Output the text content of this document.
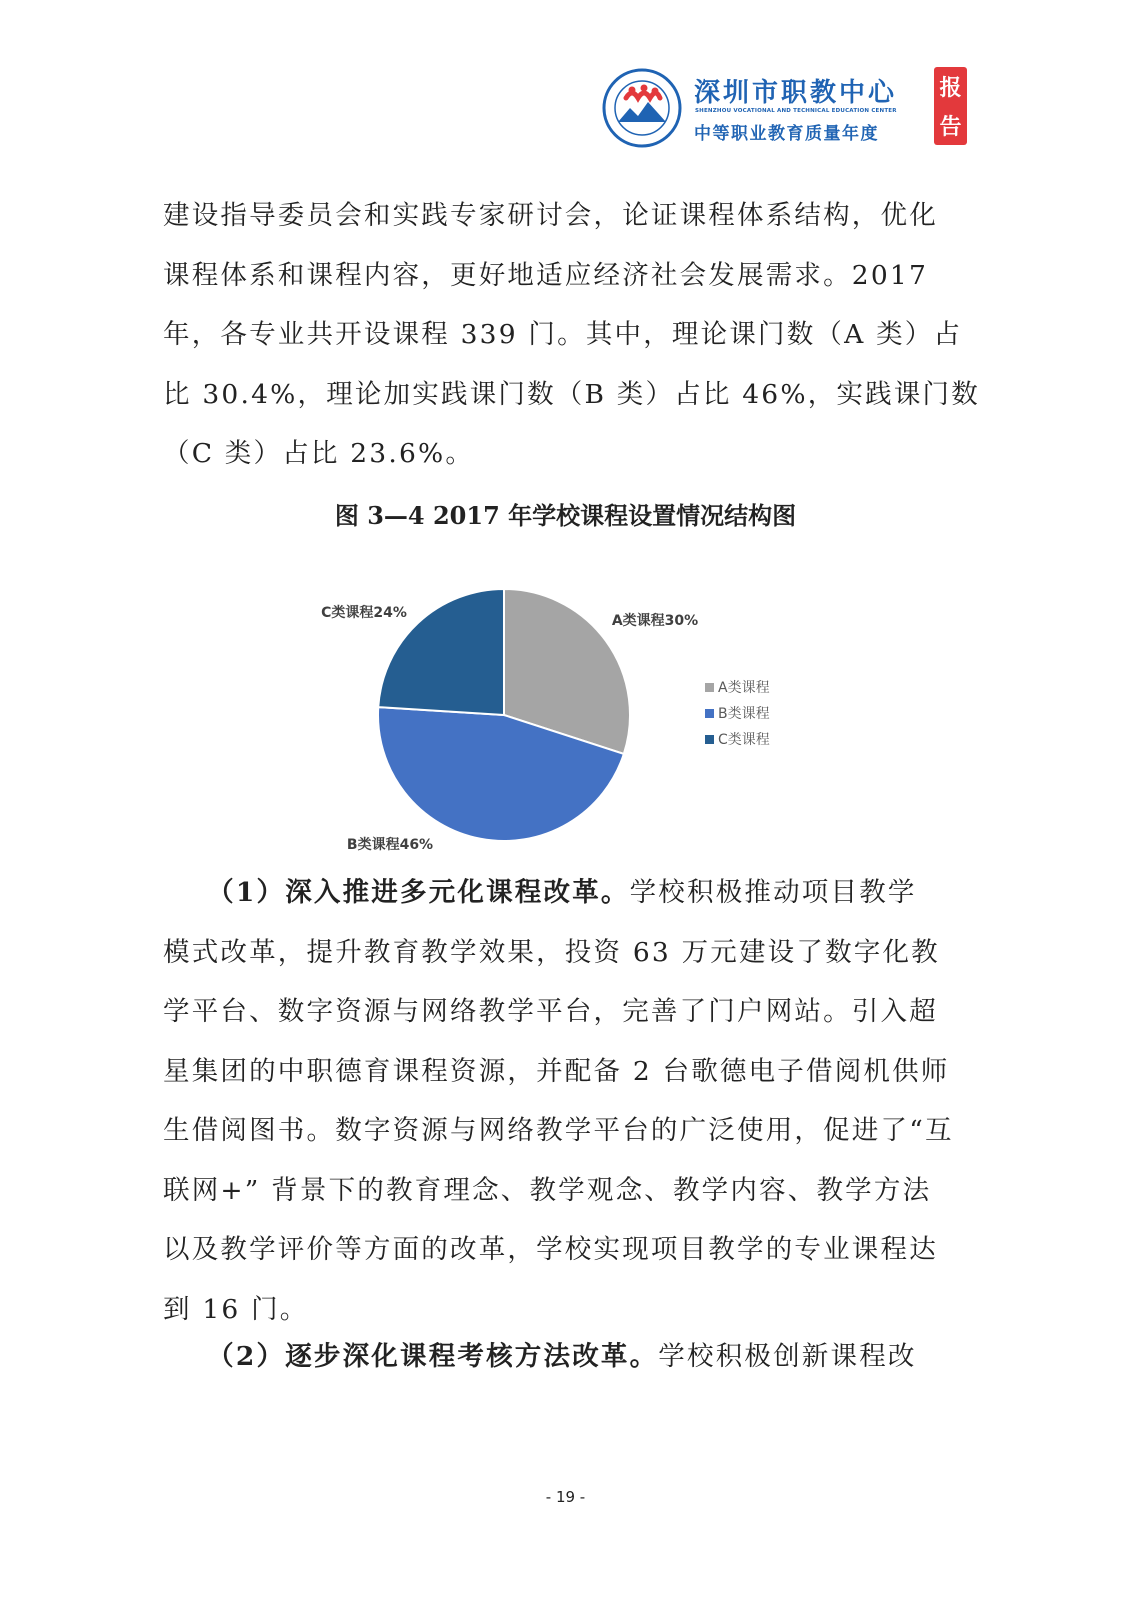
深圳市职教中心
SHENZHOU VOCATIONAL AND TECHNICAL EDUCATION CENTER
中等职业教育质量年度
报
告

建设指导委员会和实践专家研讨会，论证课程体系结构，优化
课程体系和课程内容，更好地适应经济社会发展需求。2017
年，各专业共开设课程 339 门。其中，理论课门数（A 类）占
比 30.4%，理论加实践课门数（B 类）占比 46%，实践课门数
（C 类）占比 23.6%。

图 3—4 2017 年学校课程设置情况结构图
A类课程30%
B类课程46%
C类课程24%
A类课程
B类课程
C类课程

　　（1）深入推进多元化课程改革。学校积极推动项目教学
模式改革，提升教育教学效果，投资 63 万元建设了数字化教
学平台、数字资源与网络教学平台，完善了门户网站。引入超
星集团的中职德育课程资源，并配备 2 台歌德电子借阅机供师
生借阅图书。数字资源与网络教学平台的广泛使用，促进了“互
联网+” 背景下的教育理念、教学观念、教学内容、教学方法
以及教学评价等方面的改革，学校实现项目教学的专业课程达
到 16 门。

　　（2）逐步深化课程考核方法改革。学校积极创新课程改

- 19 -
